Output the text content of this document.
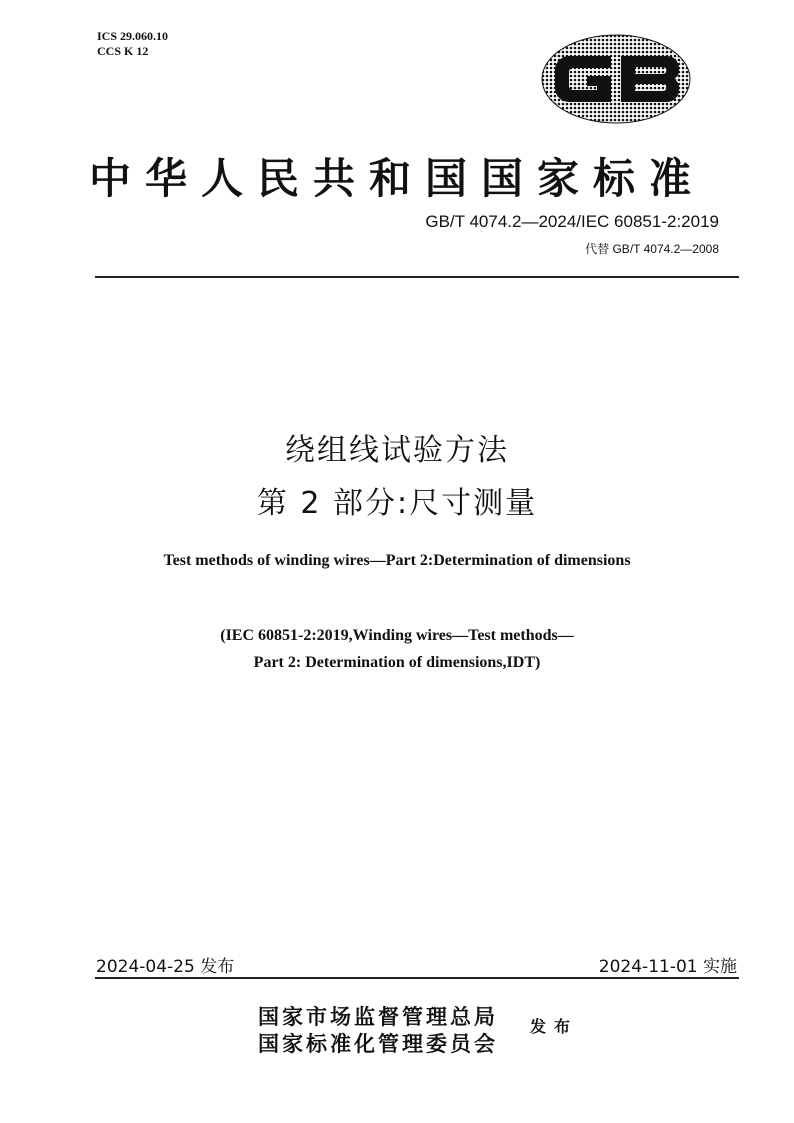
ICS 29.060.10
CCS K 12
中华人民共和国国家标准
GB/T 4074.2—2024/IEC 60851-2:2019
代替 GB/T 4074.2—2008
绕组线试验方法
第 2 部分:尺寸测量
Test methods of winding wires—Part 2:Determination of dimensions
(IEC 60851-2:2019,Winding wires—Test methods—
Part 2: Determination of dimensions,IDT)
2024-04-25 发布	2024-11-01 实施
国家市场监督管理总局
国家标准化管理委员会
发布
